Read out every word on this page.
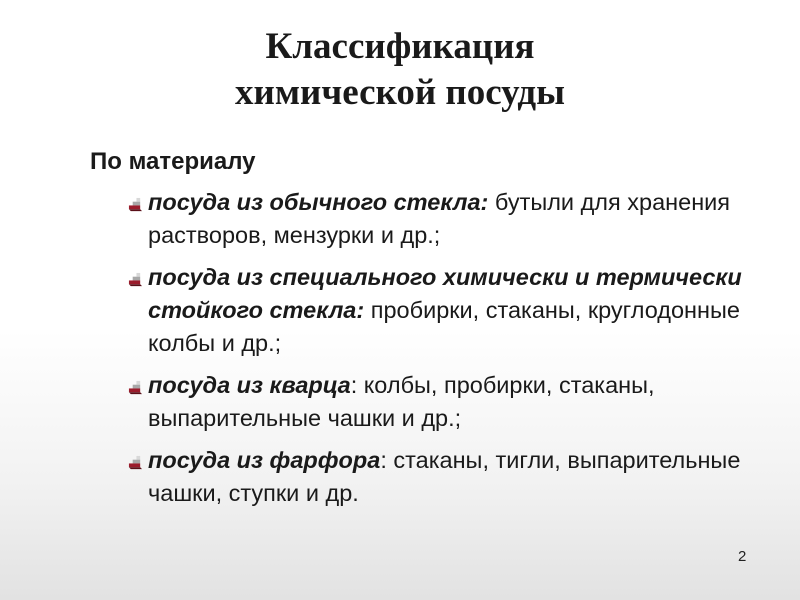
Классификация
химической посуды
По материалу
посуда из обычного стекла: бутыли для хранения растворов, мензурки и др.;
посуда из специального химически и термически стойкого стекла: пробирки, стаканы, круглодонные колбы и др.;
посуда из кварца: колбы, пробирки, стаканы, выпарительные чашки и др.;
посуда из фарфора: стаканы, тигли, выпарительные чашки, ступки и др.
2
